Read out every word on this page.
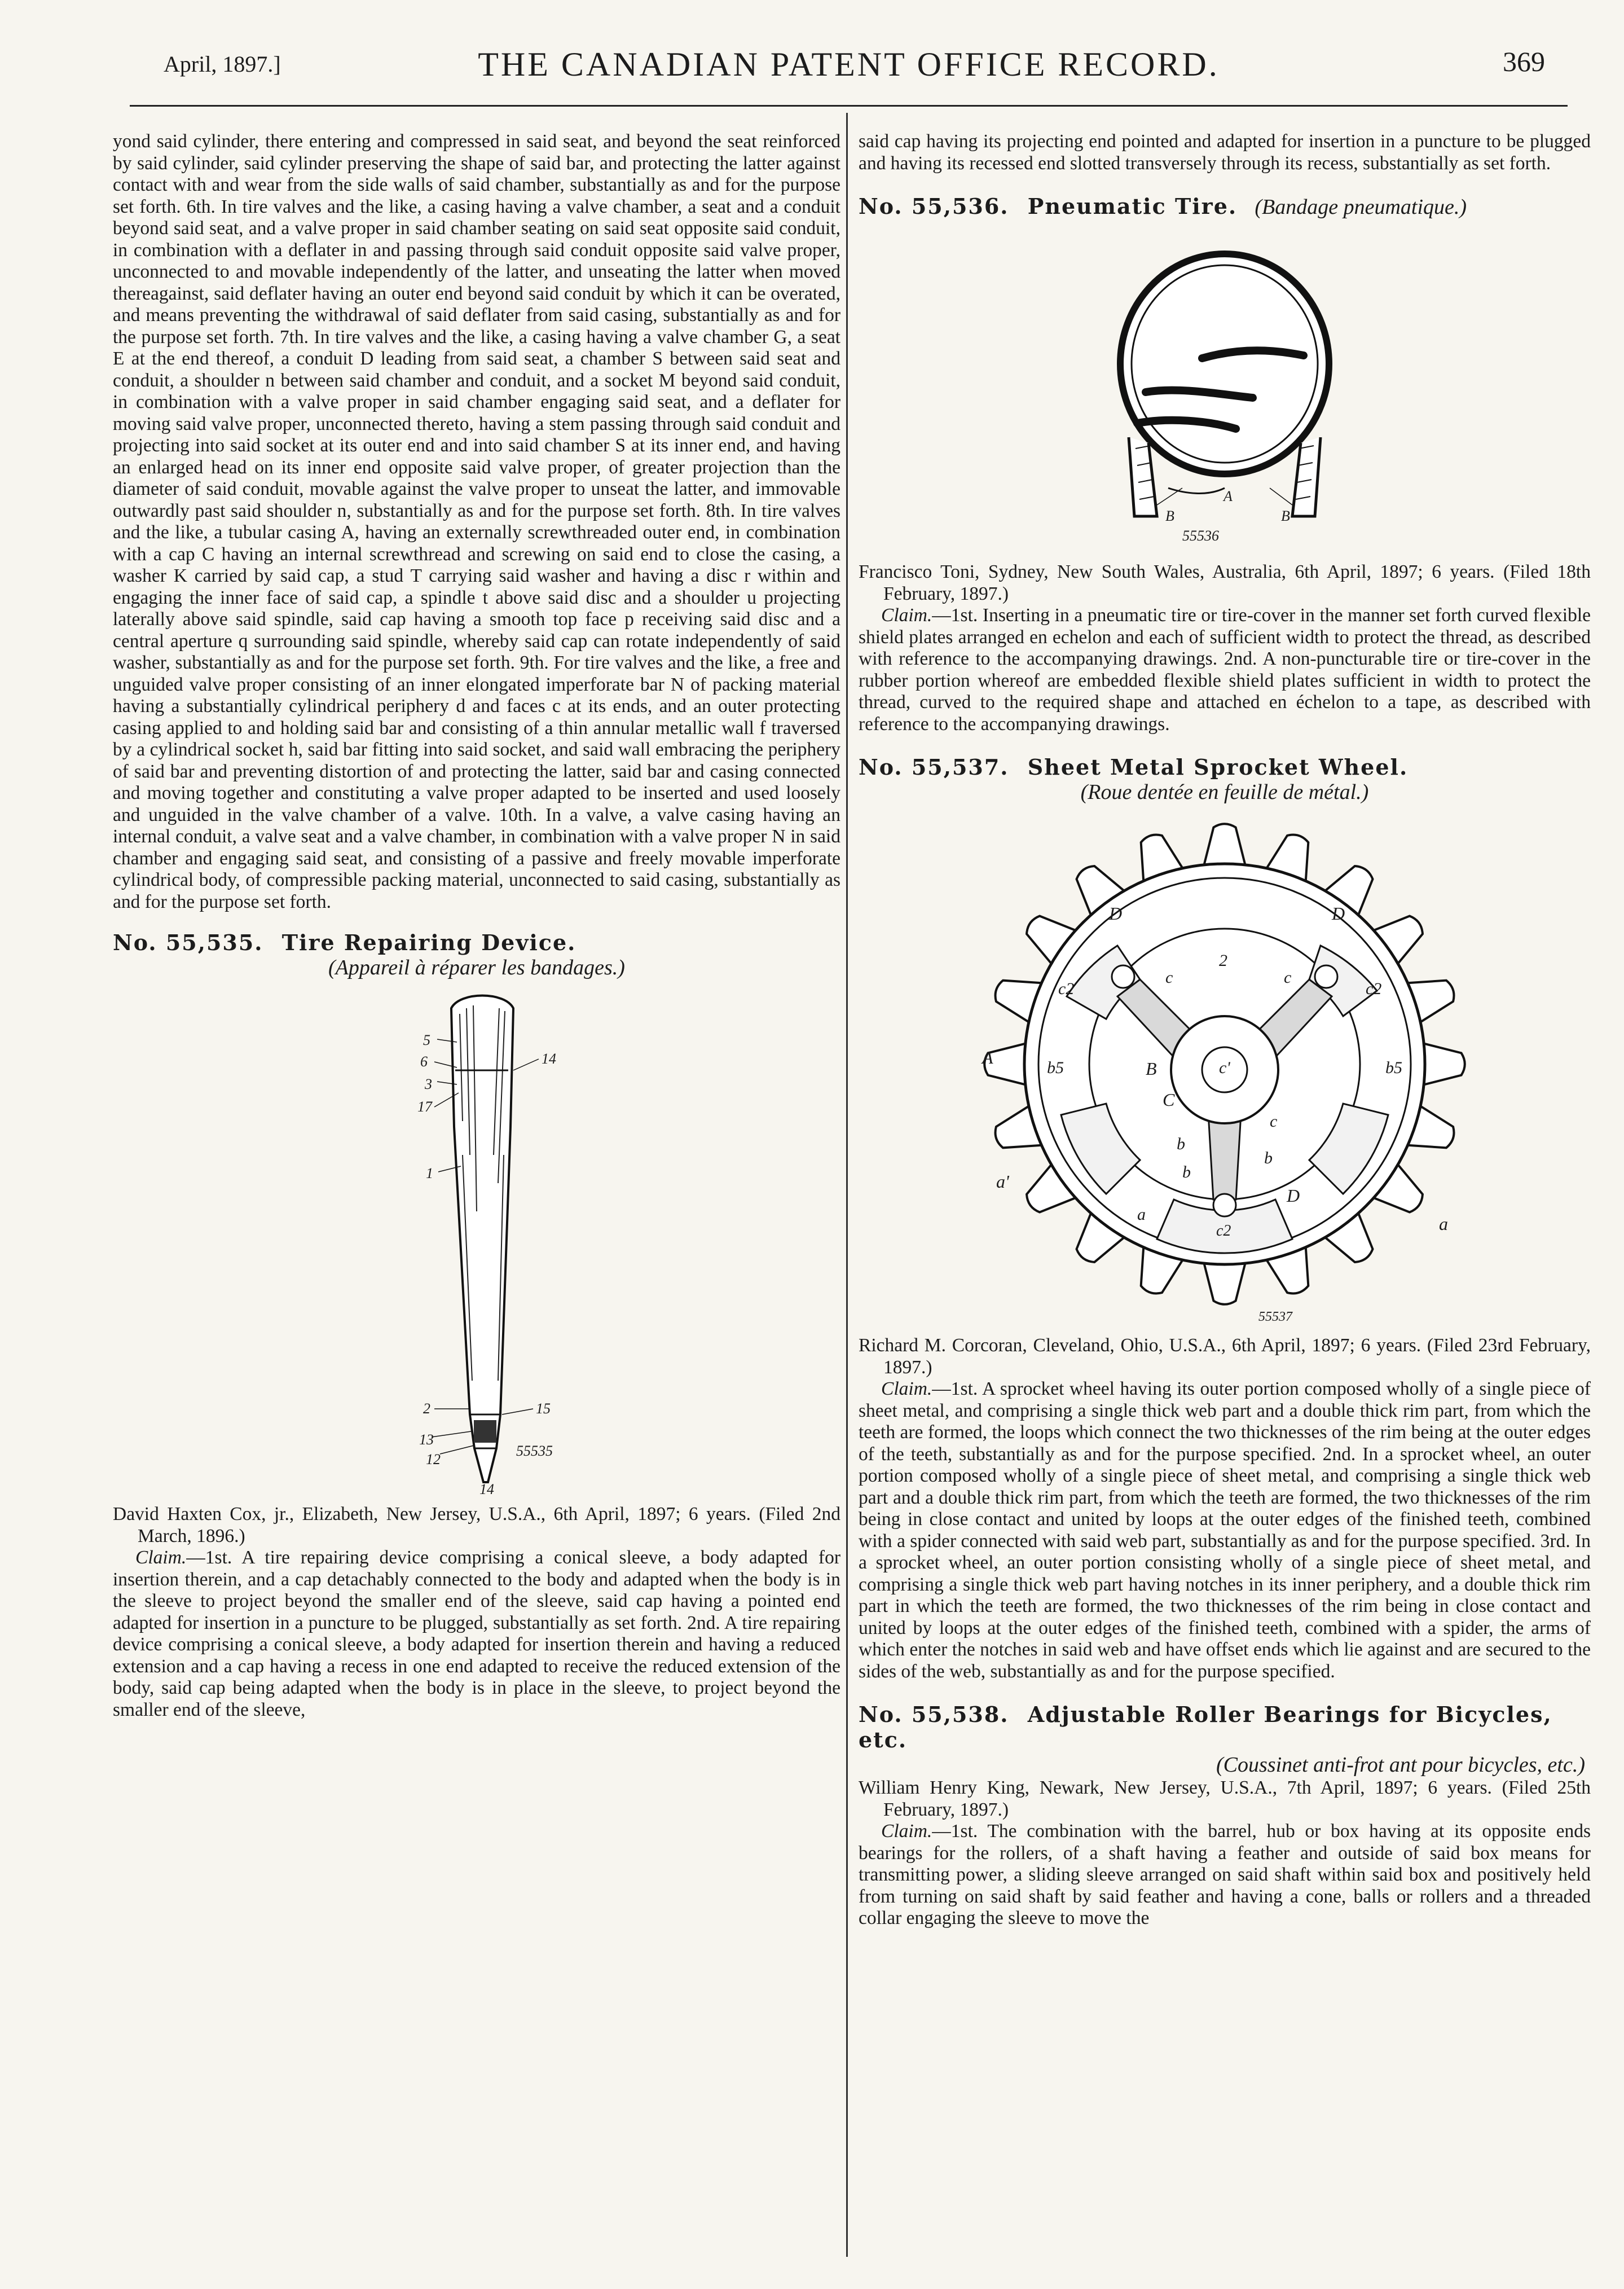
April, 1897.]	THE CANADIAN PATENT OFFICE RECORD.	369

yond said cylinder, there entering and compressed in said seat, and beyond the seat reinforced by said cylinder, said cylinder preserving the shape of said bar, and protecting the latter against contact with and wear from the side walls of said chamber, substantially as and for the purpose set forth. 6th. In tire valves and the like, a casing having a valve chamber, a seat and a conduit beyond said seat, and a valve proper in said chamber seating on said seat opposite said conduit, in combination with a deflater in and passing through said conduit opposite said valve proper, unconnected to and movable independently of the latter, and unseating the latter when moved thereagainst, said deflater having an outer end beyond said conduit by which it can be overated, and means preventing the withdrawal of said deflater from said casing, substantially as and for the purpose set forth. 7th. In tire valves and the like, a casing having a valve chamber G, a seat E at the end thereof, a conduit D leading from said seat, a chamber S between said seat and conduit, a shoulder n between said chamber and conduit, and a socket M beyond said conduit, in combination with a valve proper in said chamber engaging said seat, and a deflater for moving said valve proper, unconnected thereto, having a stem passing through said conduit and projecting into said socket at its outer end and into said chamber S at its inner end, and having an enlarged head on its inner end opposite said valve proper, of greater projection than the diameter of said conduit, movable against the valve proper to unseat the latter, and immovable outwardly past said shoulder n, substantially as and for the purpose set forth. 8th. In tire valves and the like, a tubular casing A, having an externally screwthreaded outer end, in combination with a cap C having an internal screwthread and screwing on said end to close the casing, a washer K carried by said cap, a stud T carrying said washer and having a disc r within and engaging the inner face of said cap, a spindle t above said disc and a shoulder u projecting laterally above said spindle, said cap having a smooth top face p receiving said disc and a central aperture q surrounding said spindle, whereby said cap can rotate independently of said washer, substantially as and for the purpose set forth. 9th. For tire valves and the like, a free and unguided valve proper consisting of an inner elongated imperforate bar N of packing material having a substantially cylindrical periphery d and faces c at its ends, and an outer protecting casing applied to and holding said bar and consisting of a thin annular metallic wall f traversed by a cylindrical socket h, said bar fitting into said socket, and said wall embracing the periphery of said bar and preventing distortion of and protecting the latter, said bar and casing connected and moving together and constituting a valve proper adapted to be inserted and used loosely and unguided in the valve chamber of a valve. 10th. In a valve, a valve casing having an internal conduit, a valve seat and a valve chamber, in combination with a valve proper N in said chamber and engaging said seat, and consisting of a passive and freely movable imperforate cylindrical body, of compressible packing material, unconnected to said casing, substantially as and for the purpose set forth.

No. 55,535. Tire Repairing Device.

(Appareil à réparer les bandages.)

5
6
3
17
1
14
2	15
13
12
55535
14

David Haxten Cox, jr., Elizabeth, New Jersey, U.S.A., 6th April, 1897; 6 years. (Filed 2nd March, 1896.)

Claim.—1st. A tire repairing device comprising a conical sleeve, a body adapted for insertion therein, and a cap detachably connected to the body and adapted when the body is in the sleeve to project beyond the smaller end of the sleeve, said cap having a pointed end adapted for insertion in a puncture to be plugged, substantially as set forth. 2nd. A tire repairing device comprising a conical sleeve, a body adapted for insertion therein and having a reduced extension and a cap having a recess in one end adapted to receive the reduced extension of the body, said cap being adapted when the body is in place in the sleeve, to project beyond the smaller end of the sleeve,

said cap having its projecting end pointed and adapted for insertion in a puncture to be plugged and having its recessed end slotted transversely through its recess, substantially as set forth.

No. 55,536. Pneumatic Tire. (Bandage pneumatique.)

B
A
B
55536

Francisco Toni, Sydney, New South Wales, Australia, 6th April, 1897; 6 years. (Filed 18th February, 1897.)

Claim.—1st. Inserting in a pneumatic tire or tire-cover in the manner set forth curved flexible shield plates arranged en echelon and each of sufficient width to protect the thread, as described with reference to the accompanying drawings. 2nd. A non-puncturable tire or tire-cover in the rubber portion whereof are embedded flexible shield plates sufficient in width to protect the thread, curved to the required shape and attached en échelon to a tape, as described with reference to the accompanying drawings.

No. 55,537. Sheet Metal Sprocket Wheel.

(Roue dentée en feuille de métal.)

D	D
c
2
c
c2	c2
A
b5	B	c'	b5
C
c
b
b
a'	b
D
a
c2	a
55537

Richard M. Corcoran, Cleveland, Ohio, U.S.A., 6th April, 1897; 6 years. (Filed 23rd February, 1897.)

Claim.—1st. A sprocket wheel having its outer portion composed wholly of a single piece of sheet metal, and comprising a single thick web part and a double thick rim part, from which the teeth are formed, the loops which connect the two thicknesses of the rim being at the outer edges of the teeth, substantially as and for the purpose specified. 2nd. In a sprocket wheel, an outer portion composed wholly of a single piece of sheet metal, and comprising a single thick web part and a double thick rim part, from which the teeth are formed, the two thicknesses of the rim being in close contact and united by loops at the outer edges of the finished teeth, combined with a spider connected with said web part, substantially as and for the purpose specified. 3rd. In a sprocket wheel, an outer portion consisting wholly of a single piece of sheet metal, and comprising a single thick web part having notches in its inner periphery, and a double thick rim part in which the teeth are formed, the two thicknesses of the rim being in close contact and united by loops at the outer edges of the finished teeth, combined with a spider, the arms of which enter the notches in said web and have offset ends which lie against and are secured to the sides of the web, substantially as and for the purpose specified.

No. 55,538. Adjustable Roller Bearings for Bicycles, etc.

(Coussinet anti-frot ant pour bicycles, etc.)

William Henry King, Newark, New Jersey, U.S.A., 7th April, 1897; 6 years. (Filed 25th February, 1897.)

Claim.—1st. The combination with the barrel, hub or box having at its opposite ends bearings for the rollers, of a shaft having a feather and outside of said box means for transmitting power, a sliding sleeve arranged on said shaft within said box and positively held from turning on said shaft by said feather and having a cone, balls or rollers and a threaded collar engaging the sleeve to move the
